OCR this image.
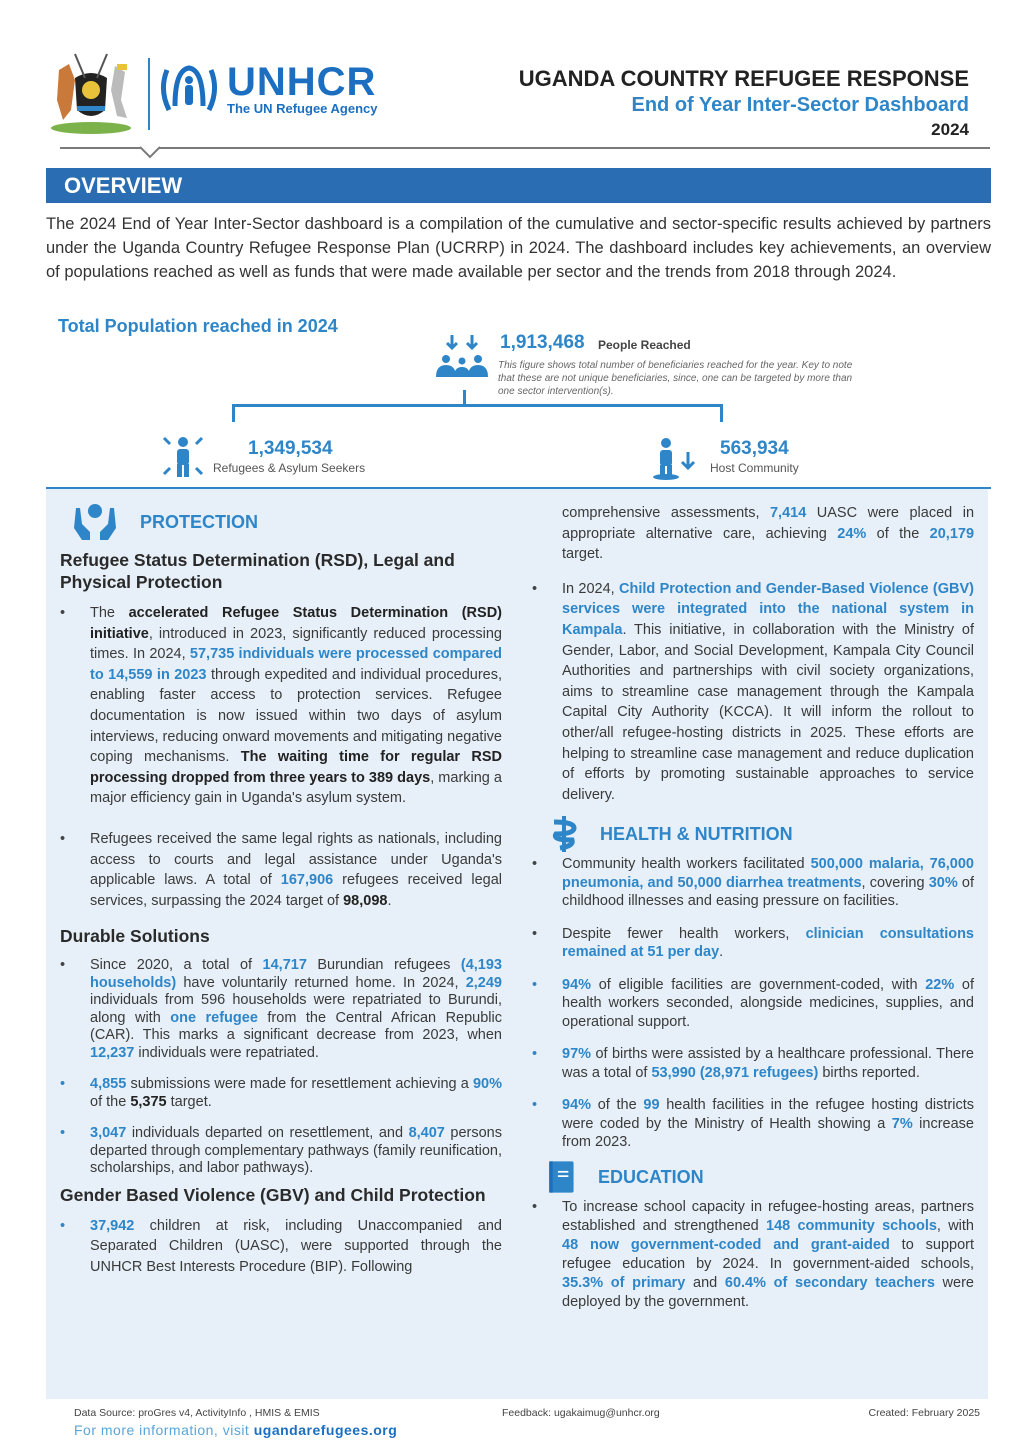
UNHCR
The UN Refugee Agency
UGANDA COUNTRY REFUGEE RESPONSE
End of Year Inter-Sector Dashboard
2024
OVERVIEW

The 2024 End of Year Inter-Sector dashboard is a compilation of the cumulative and sector-specific results achieved by partners under the Uganda Country Refugee Response Plan (UCRRP) in 2024. The dashboard includes key achievements, an overview of populations reached as well as funds that were made available per sector and the trends from 2018 through 2024.

Total Population reached in 2024
1,913,468 People Reached
This figure shows total number of beneficiaries reached for the year. Key to note that these are not unique beneficiaries, since, one can be targeted by more than one sector intervention(s).
1,349,534
Refugees & Asylum Seekers
563,934
Host Community
PROTECTION
Refugee Status Determination (RSD), Legal and Physical Protection
• The accelerated Refugee Status Determination (RSD) initiative, introduced in 2023, significantly reduced processing times. In 2024, 57,735 individuals were processed compared to 14,559 in 2023 through expedited and individual procedures, enabling faster access to protection services. Refugee documentation is now issued within two days of asylum interviews, reducing onward movements and mitigating negative coping mechanisms. The waiting time for regular RSD processing dropped from three years to 389 days, marking a major efficiency gain in Uganda's asylum system.
• Refugees received the same legal rights as nationals, including access to courts and legal assistance under Uganda's applicable laws. A total of 167,906 refugees received legal services, surpassing the 2024 target of 98,098.
Durable Solutions
• Since 2020, a total of 14,717 Burundian refugees (4,193 households) have voluntarily returned home. In 2024, 2,249 individuals from 596 households were repatriated to Burundi, along with one refugee from the Central African Republic (CAR). This marks a significant decrease from 2023, when 12,237 individuals were repatriated.
• 4,855 submissions were made for resettlement achieving a 90% of the 5,375 target.
• 3,047 individuals departed on resettlement, and 8,407 persons departed through complementary pathways (family reunification, scholarships, and labor pathways).
Gender Based Violence (GBV) and Child Protection
• 37,942 children at risk, including Unaccompanied and Separated Children (UASC), were supported through the UNHCR Best Interests Procedure (BIP). Following
comprehensive assessments, 7,414 UASC were placed in appropriate alternative care, achieving 24% of the 20,179 target.
• In 2024, Child Protection and Gender-Based Violence (GBV) services were integrated into the national system in Kampala. This initiative, in collaboration with the Ministry of Gender, Labor, and Social Development, Kampala City Council Authorities and partnerships with civil society organizations, aims to streamline case management through the Kampala Capital City Authority (KCCA). It will inform the rollout to other/all refugee-hosting districts in 2025. These efforts are helping to streamline case management and reduce duplication of efforts by promoting sustainable approaches to service delivery.
HEALTH & NUTRITION
• Community health workers facilitated 500,000 malaria, 76,000 pneumonia, and 50,000 diarrhea treatments, covering 30% of childhood illnesses and easing pressure on facilities.
• Despite fewer health workers, clinician consultations remained at 51 per day.
• 94% of eligible facilities are government-coded, with 22% of health workers seconded, alongside medicines, supplies, and operational support.
• 97% of births were assisted by a healthcare professional. There was a total of 53,990 (28,971 refugees) births reported.
• 94% of the 99 health facilities in the refugee hosting districts were coded by the Ministry of Health showing a 7% increase from 2023.
EDUCATION
• To increase school capacity in refugee-hosting areas, partners established and strengthened 148 community schools, with 48 now government-coded and grant-aided to support refugee education by 2024. In government-aided schools, 35.3% of primary and 60.4% of secondary teachers were deployed by the government.
Data Source: proGres v4, ActivityInfo , HMIS & EMIS	Feedback: ugakaimug@unhcr.org	Created: February 2025
For more information, visit ugandarefugees.org
